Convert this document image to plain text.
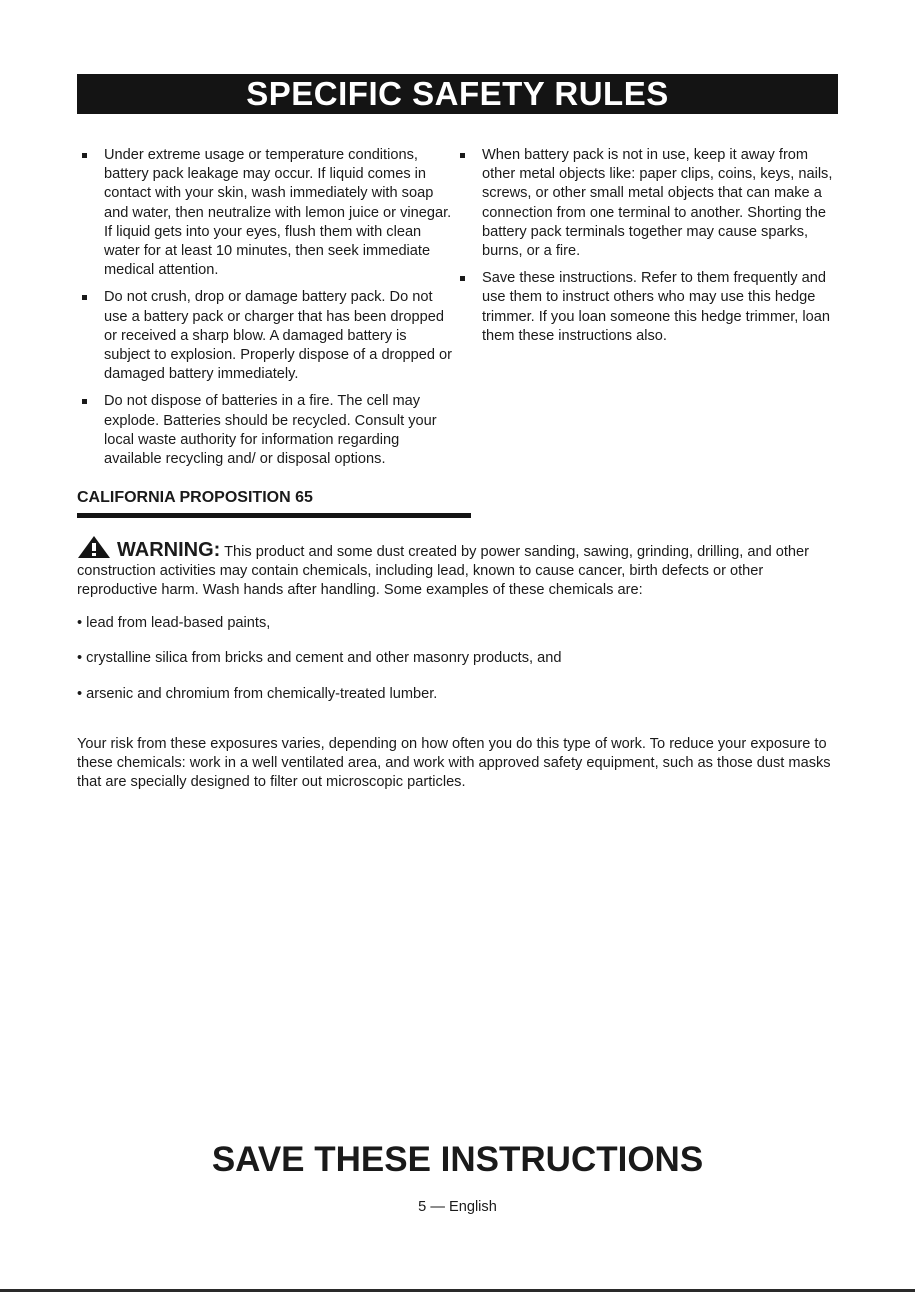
SPECIFIC SAFETY RULES
Under extreme usage or temperature conditions, battery pack leakage may occur. If liquid comes in contact with your skin, wash immediately with soap and water, then neutralize with lemon juice or vinegar. If liquid gets into your eyes, flush them with clean water for at least 10 minutes, then seek immediate medical attention.
Do not crush, drop or damage battery pack. Do not use a battery pack or charger that has been dropped or received a sharp blow. A damaged battery is subject to explosion. Properly dispose of a dropped or damaged battery immediately.
Do not dispose of batteries in a fire. The cell may explode. Batteries should be recycled. Consult your local waste authority for information regarding available recycling and/ or disposal options.
When battery pack is not in use, keep it away from other metal objects like: paper clips, coins, keys, nails, screws, or other small metal objects that can make a connection from one terminal to another. Shorting the battery pack terminals together may cause sparks, burns, or a fire.
Save these instructions. Refer to them frequently and use them to instruct others who may use this hedge trimmer. If you loan someone this hedge trimmer, loan them these instructions also.
CALIFORNIA PROPOSITION 65

WARNING: This product and some dust created by power sanding, sawing, grinding, drilling, and other construction activities may contain chemicals, including lead, known to cause cancer, birth defects or other reproductive harm. Wash hands after handling. Some examples of these chemicals are:

• lead from lead-based paints,

• crystalline silica from bricks and cement and other masonry products, and

• arsenic and chromium from chemically-treated lumber.

Your risk from these exposures varies, depending on how often you do this type of work. To reduce your exposure to these chemicals: work in a well ventilated area, and work with approved safety equipment, such as those dust masks that are specially designed to filter out microscopic particles.

SAVE THESE INSTRUCTIONS
5 — English
